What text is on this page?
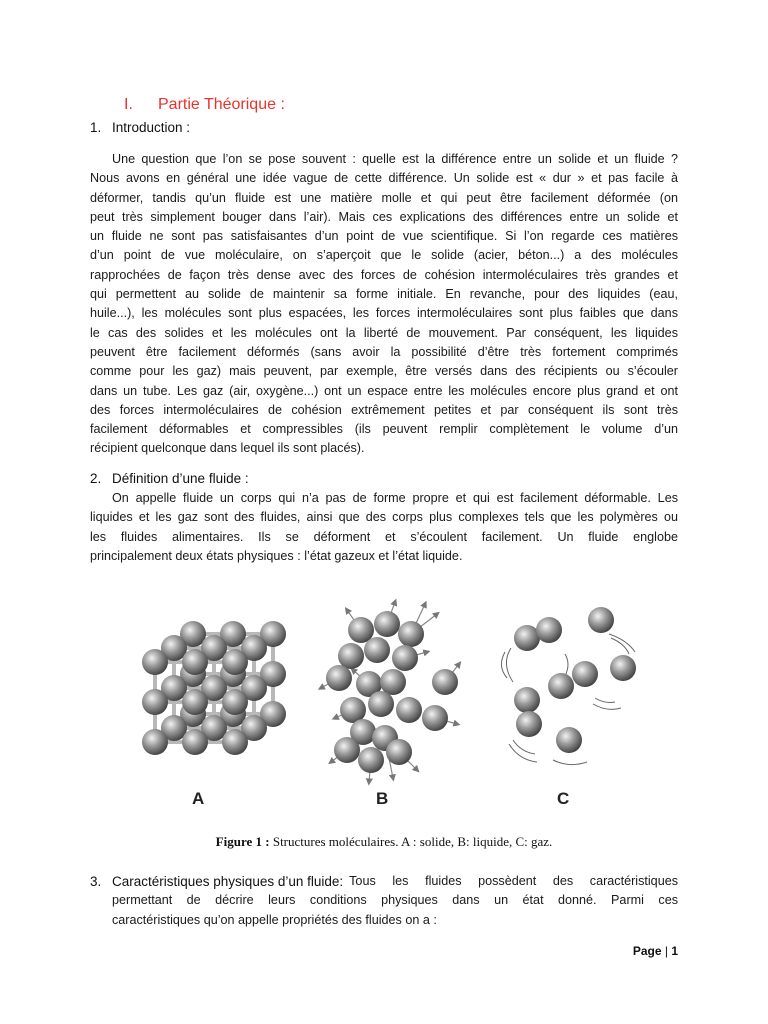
I. Partie Théorique :
1. Introduction :
Une question que l’on se pose souvent : quelle est la différence entre un solide et un fluide ?
Nous avons en général une idée vague de cette différence. Un solide est « dur » et pas facile à
déformer, tandis qu’un fluide est une matière molle et qui peut être facilement déformée (on
peut très simplement bouger dans l’air). Mais ces explications des différences entre un solide et
un fluide ne sont pas satisfaisantes d’un point de vue scientifique. Si l’on regarde ces matières
d’un point de vue moléculaire, on s’aperçoit que le solide (acier, béton...) a des molécules
rapprochées de façon très dense avec des forces de cohésion intermoléculaires très grandes et
qui permettent au solide de maintenir sa forme initiale. En revanche, pour des liquides (eau,
huile...), les molécules sont plus espacées, les forces intermoléculaires sont plus faibles que dans
le cas des solides et les molécules ont la liberté de mouvement. Par conséquent, les liquides
peuvent être facilement déformés (sans avoir la possibilité d’être très fortement comprimés
comme pour les gaz) mais peuvent, par exemple, être versés dans des récipients ou s’écouler
dans un tube. Les gaz (air, oxygène...) ont un espace entre les molécules encore plus grand et ont
des forces intermoléculaires de cohésion extrêmement petites et par conséquent ils sont très
facilement déformables et compressibles (ils peuvent remplir complètement le volume d’un
récipient quelconque dans lequel ils sont placés).
2. Définition d’une fluide :
On appelle fluide un corps qui n’a pas de forme propre et qui est facilement déformable. Les
liquides et les gaz sont des fluides, ainsi que des corps plus complexes tels que les polymères ou
les fluides alimentaires. Ils se déforment et s’écoulent facilement. Un fluide englobe
principalement deux états physiques : l’état gazeux et l’état liquide.
A	B	C
Figure 1 : Structures moléculaires. A : solide, B: liquide, C: gaz.
3. Caractéristiques physiques d’un fluide: Tous les fluides possèdent des caractéristiques
permettant de décrire leurs conditions physiques dans un état donné. Parmi ces
caractéristiques qu’on appelle propriétés des fluides on a :
Page | 1
